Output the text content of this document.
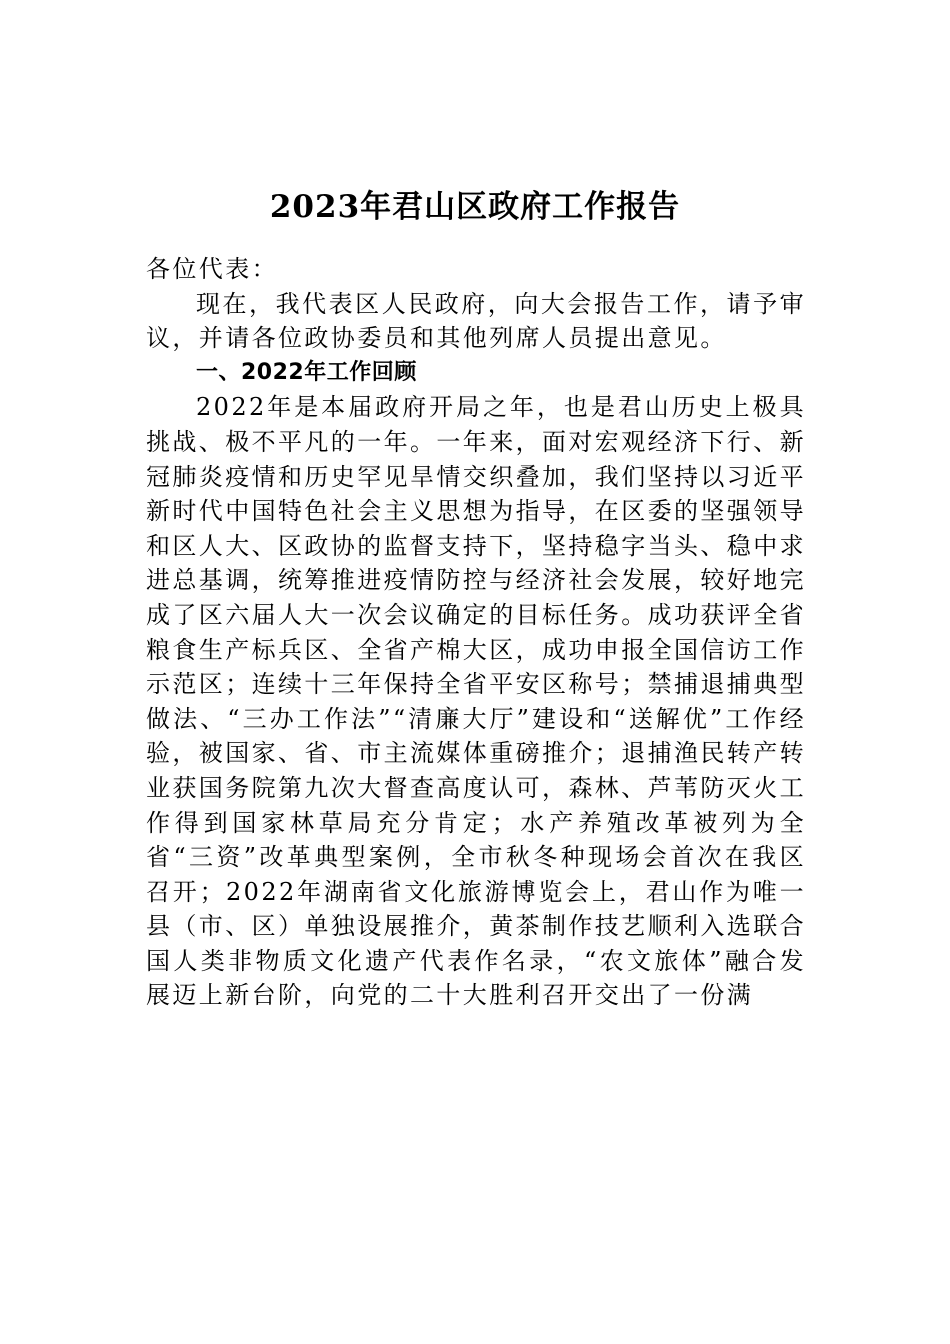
2023年君山区政府工作报告

各位代表：

现在，我代表区人民政府，向大会报告工作，请予审议，并请各位政协委员和其他列席人员提出意见。

一、2022年工作回顾

2022年是本届政府开局之年，也是君山历史上极具挑战、极不平凡的一年。一年来，面对宏观经济下行、新冠肺炎疫情和历史罕见旱情交织叠加，我们坚持以习近平新时代中国特色社会主义思想为指导，在区委的坚强领导和区人大、区政协的监督支持下，坚持稳字当头、稳中求进总基调，统筹推进疫情防控与经济社会发展，较好地完成了区六届人大一次会议确定的目标任务。成功获评全省粮食生产标兵区、全省产棉大区，成功申报全国信访工作示范区；连续十三年保持全省平安区称号；禁捕退捕典型做法、“三办工作法”“清廉大厅”建设和“送解优”工作经验，被国家、省、市主流媒体重磅推介；退捕渔民转产转业获国务院第九次大督查高度认可，森林、芦苇防灭火工作得到国家林草局充分肯定；水产养殖改革被列为全省“三资”改革典型案例，全市秋冬种现场会首次在我区召开；2022年湖南省文化旅游博览会上，君山作为唯一县（市、区）单独设展推介，黄茶制作技艺顺利入选联合国人类非物质文化遗产代表作名录，“农文旅体”融合发展迈上新台阶，向党的二十大胜利召开交出了一份满
